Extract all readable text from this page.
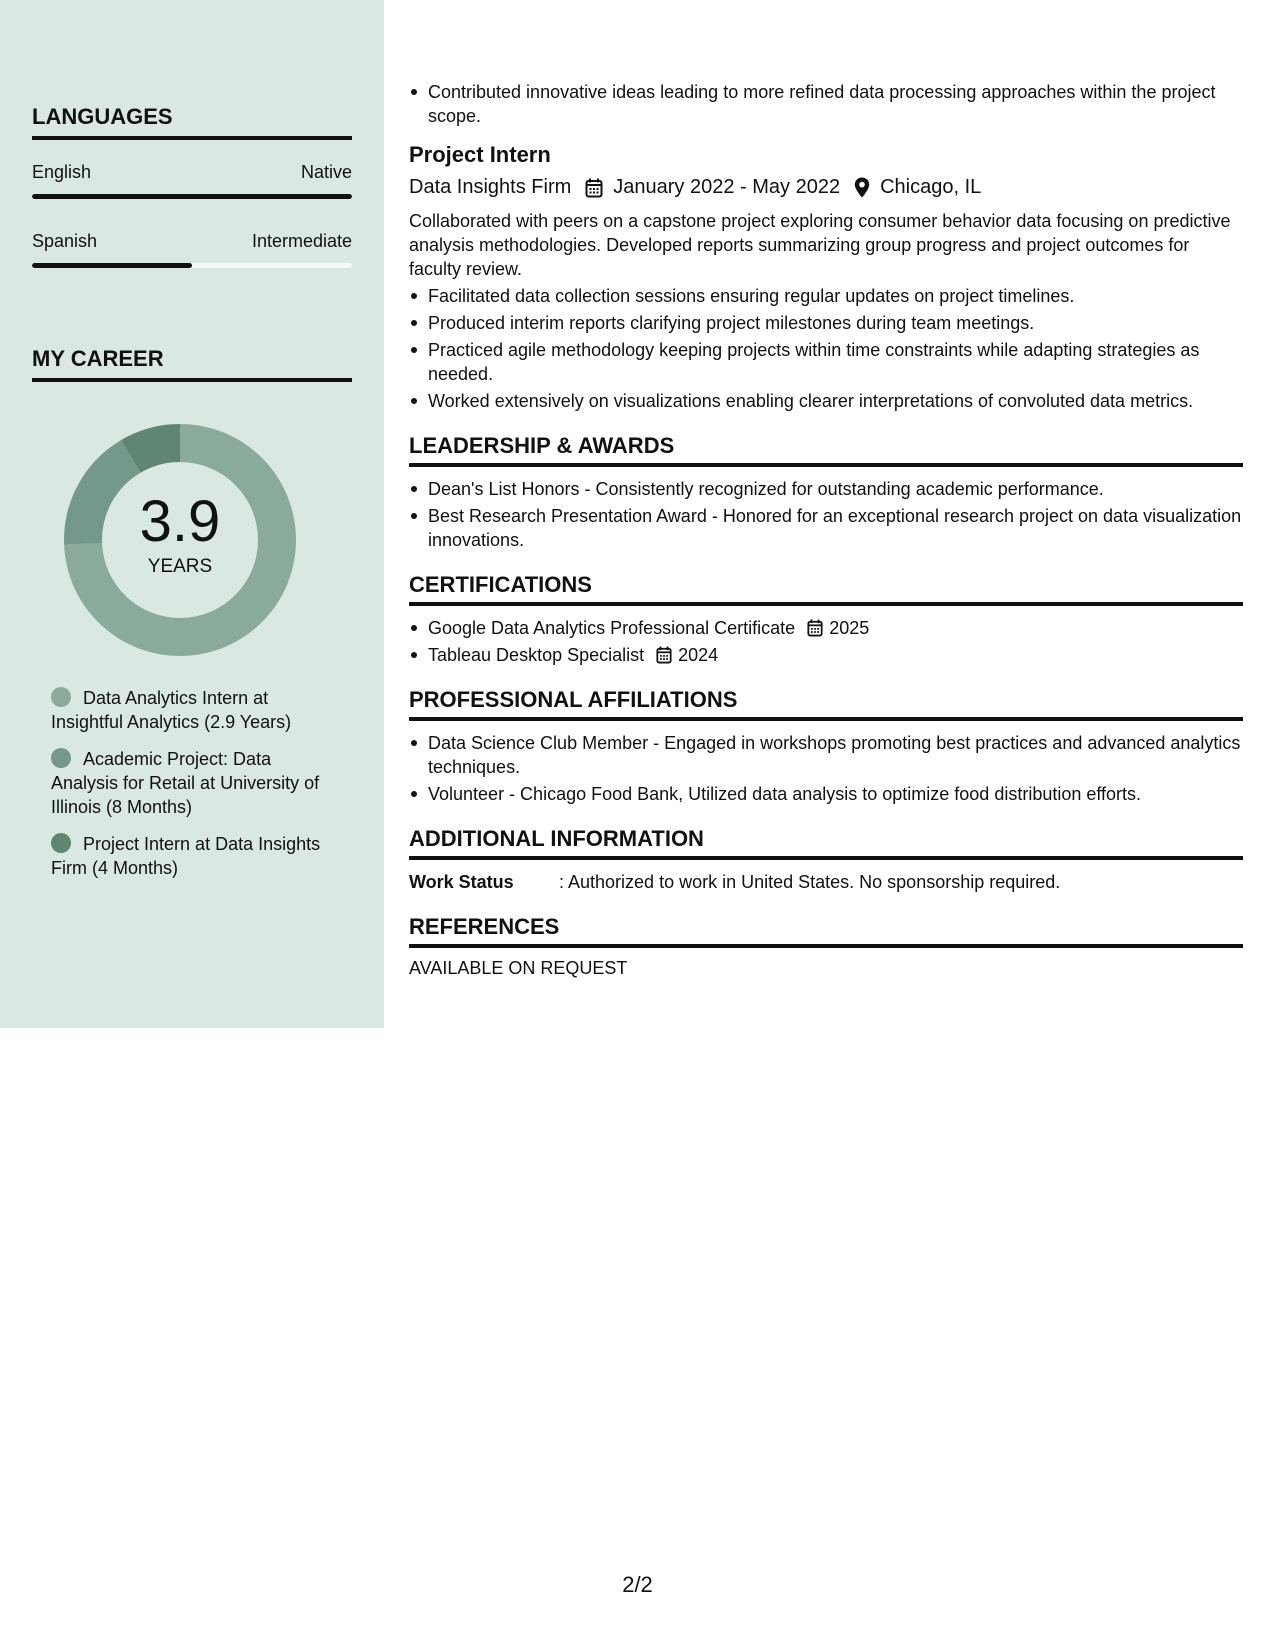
LANGUAGES
English	Native
Spanish	Intermediate
MY CAREER
3.9
YEARS
Data Analytics Intern at Insightful Analytics (2.9 Years)
Academic Project: Data Analysis for Retail at University of Illinois (8 Months)
Project Intern at Data Insights Firm (4 Months)
Contributed innovative ideas leading to more refined data processing approaches within the project scope.
Project Intern
Data Insights Firm January 2022 - May 2022 Chicago, IL
Collaborated with peers on a capstone project exploring consumer behavior data focusing on predictive analysis methodologies. Developed reports summarizing group progress and project outcomes for faculty review.
Facilitated data collection sessions ensuring regular updates on project timelines.
Produced interim reports clarifying project milestones during team meetings.
Practiced agile methodology keeping projects within time constraints while adapting strategies as needed.
Worked extensively on visualizations enabling clearer interpretations of convoluted data metrics.
LEADERSHIP & AWARDS
Dean's List Honors - Consistently recognized for outstanding academic performance.
Best Research Presentation Award - Honored for an exceptional research project on data visualization innovations.
CERTIFICATIONS
Google Data Analytics Professional Certificate 2025
Tableau Desktop Specialist 2024
PROFESSIONAL AFFILIATIONS
Data Science Club Member - Engaged in workshops promoting best practices and advanced analytics techniques.
Volunteer - Chicago Food Bank, Utilized data analysis to optimize food distribution efforts.
ADDITIONAL INFORMATION
Work Status	: Authorized to work in United States. No sponsorship required.
REFERENCES
AVAILABLE ON REQUEST
2/2
